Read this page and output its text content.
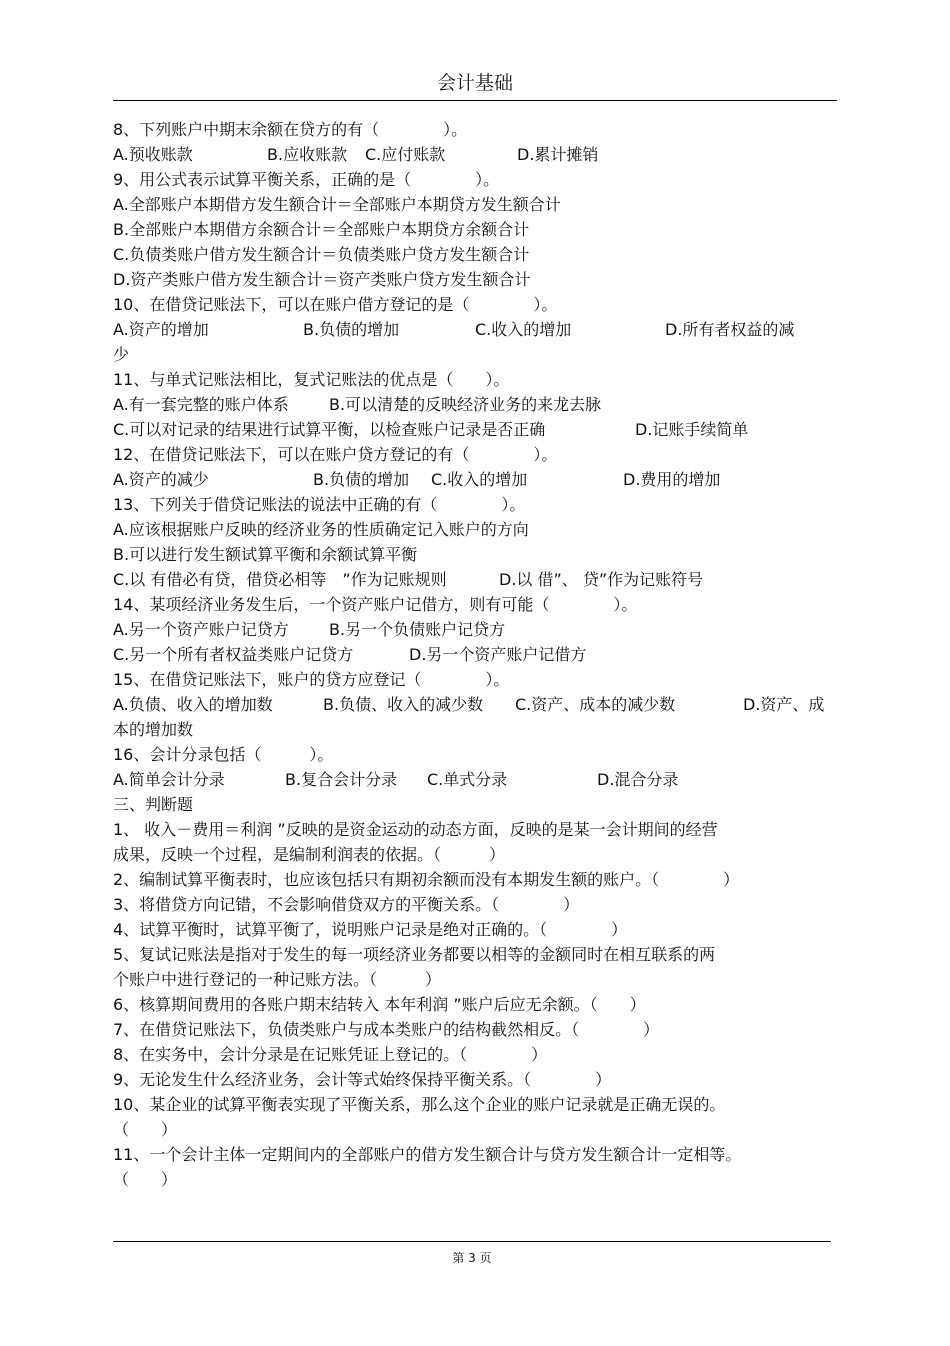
会计基础
8、下列账户中期末余额在贷方的有（　　　　）。

A.预收账款

	B.应收账款

C.应付账款

	D.累计摊销

9、用公式表示试算平衡关系，正确的是（　　　　）。
A.全部账户本期借方发生额合计＝全部账户本期贷方发生额合计
B.全部账户本期借方余额合计＝全部账户本期贷方余额合计
C.负债类账户借方发生额合计＝负债类账户贷方发生额合计
D.资产类账户借方发生额合计＝资产类账户贷方发生额合计
10、在借贷记账法下，可以在账户借方登记的是（　　　　）。

A.资产的增加

	B.负债的增加

	C.收入的增加

	D.所有者权益的减

少
11、与单式记账法相比，复式记账法的优点是（　　）。

A.有一套完整的账户体系

	B.可以清楚的反映经济业务的来龙去脉

C.可以对记录的结果进行试算平衡，以检查账户记录是否正确

	D.记账手续简单

12、在借贷记账法下，可以在账户贷方登记的有（　　　　）。

A.资产的减少

	B.负债的增加

C.收入的增加

	D.费用的增加

13、下列关于借贷记账法的说法中正确的有（　　　　）。
A.应该根据账户反映的经济业务的性质确定记入账户的方向
B.可以进行发生额试算平衡和余额试算平衡

C.以 有借必有贷，借贷必相等　”作为记账规则

	D.以 借”、 贷”作为记账符号

14、某项经济业务发生后，一个资产账户记借方，则有可能（　　　　）。

A.另一个资产账户记贷方

	B.另一个负债账户记贷方

C.另一个所有者权益类账户记贷方

	D.另一个资产账户记借方

15、在借贷记账法下，账户的贷方应登记（　　　　）。

A.负债、收入的增加数

	B.负债、收入的减少数

C.资产、成本的减少数

	D.资产、成

本的增加数
16、会计分录包括（　　　）。

A.简单会计分录

	B.复合会计分录

C.单式分录

	D.混合分录

三、判断题
1、 收入－费用＝利润 ”反映的是资金运动的动态方面，反映的是某一会计期间的经营
成果，反映一个过程，是编制利润表的依据。（　　　）
2、编制试算平衡表时，也应该包括只有期初余额而没有本期发生额的账户。（　　　　）
3、将借贷方向记错，不会影响借贷双方的平衡关系。（　　　　）
4、试算平衡时，试算平衡了，说明账户记录是绝对正确的。（　　　　）
5、复试记账法是指对于发生的每一项经济业务都要以相等的金额同时在相互联系的两
个账户中进行登记的一种记账方法。（　　　）
6、核算期间费用的各账户期末结转入 本年利润 ”账户后应无余额。（　　）
7、在借贷记账法下，负债类账户与成本类账户的结构截然相反。（　　　　）
8、在实务中，会计分录是在记账凭证上登记的。（　　　　）
9、无论发生什么经济业务，会计等式始终保持平衡关系。（　　　　）
10、某企业的试算平衡表实现了平衡关系，那么这个企业的账户记录就是正确无误的。
（　　）
11、一个会计主体一定期间内的全部账户的借方发生额合计与贷方发生额合计一定相等。
（　　）
第 3 页
